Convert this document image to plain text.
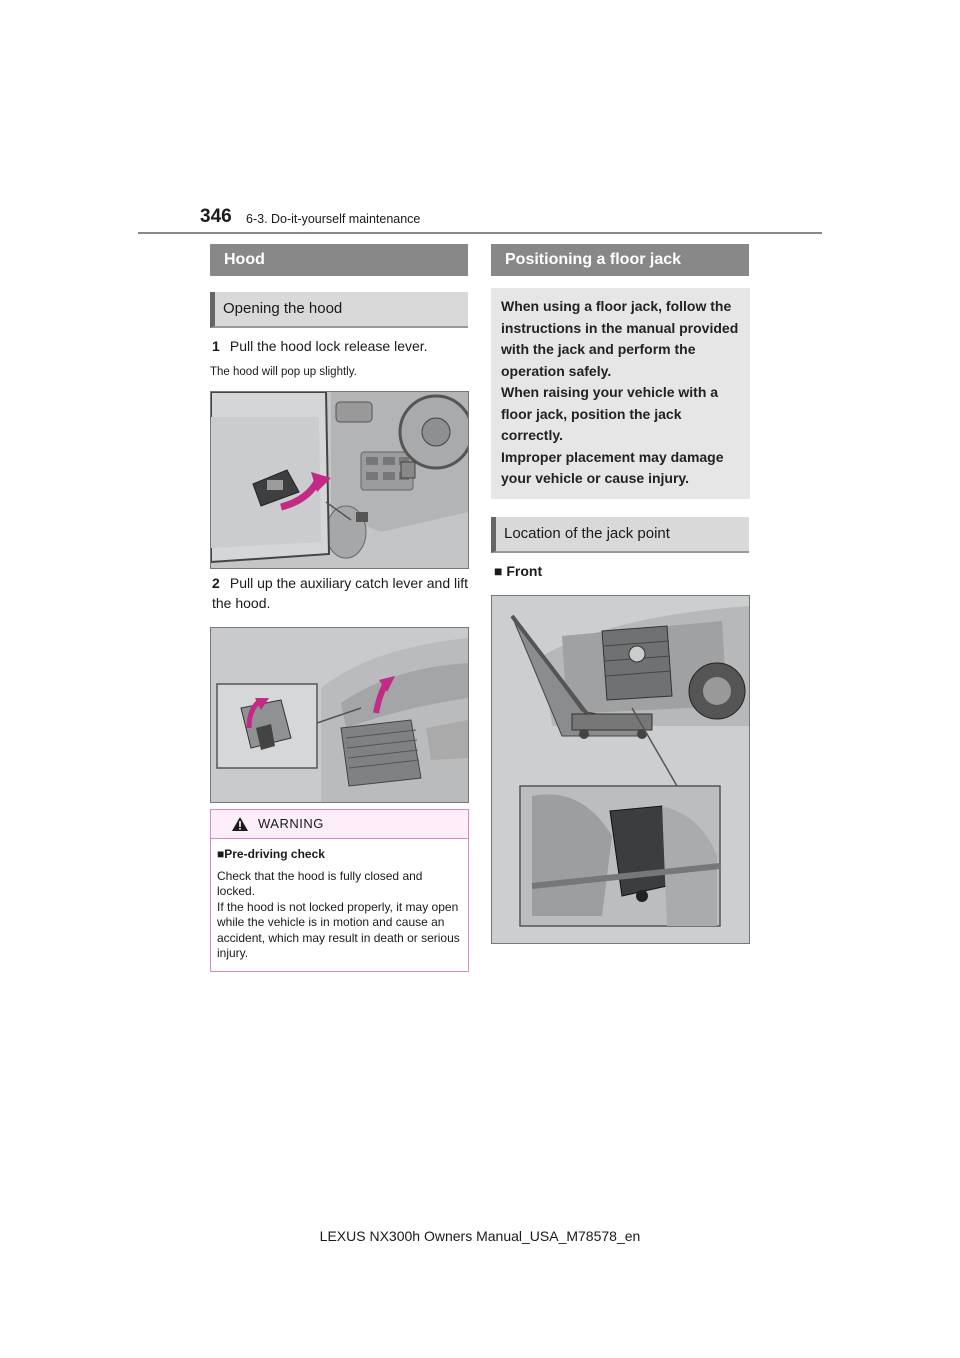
346 6-3. Do-it-yourself maintenance
Hood
Opening the hood
1 Pull the hood lock release lever.
The hood will pop up slightly.
2 Pull up the auxiliary catch lever and lift the hood.
WARNING
■Pre-driving check
Check that the hood is fully closed and locked.
If the hood is not locked properly, it may open while the vehicle is in motion and cause an accident, which may result in death or serious injury.
Positioning a floor jack
When using a floor jack, follow the instructions in the manual provided with the jack and perform the operation safely.
When raising your vehicle with a floor jack, position the jack correctly.
Improper placement may damage your vehicle or cause injury.
Location of the jack point
■ Front
LEXUS NX300h Owners Manual_USA_M78578_en
